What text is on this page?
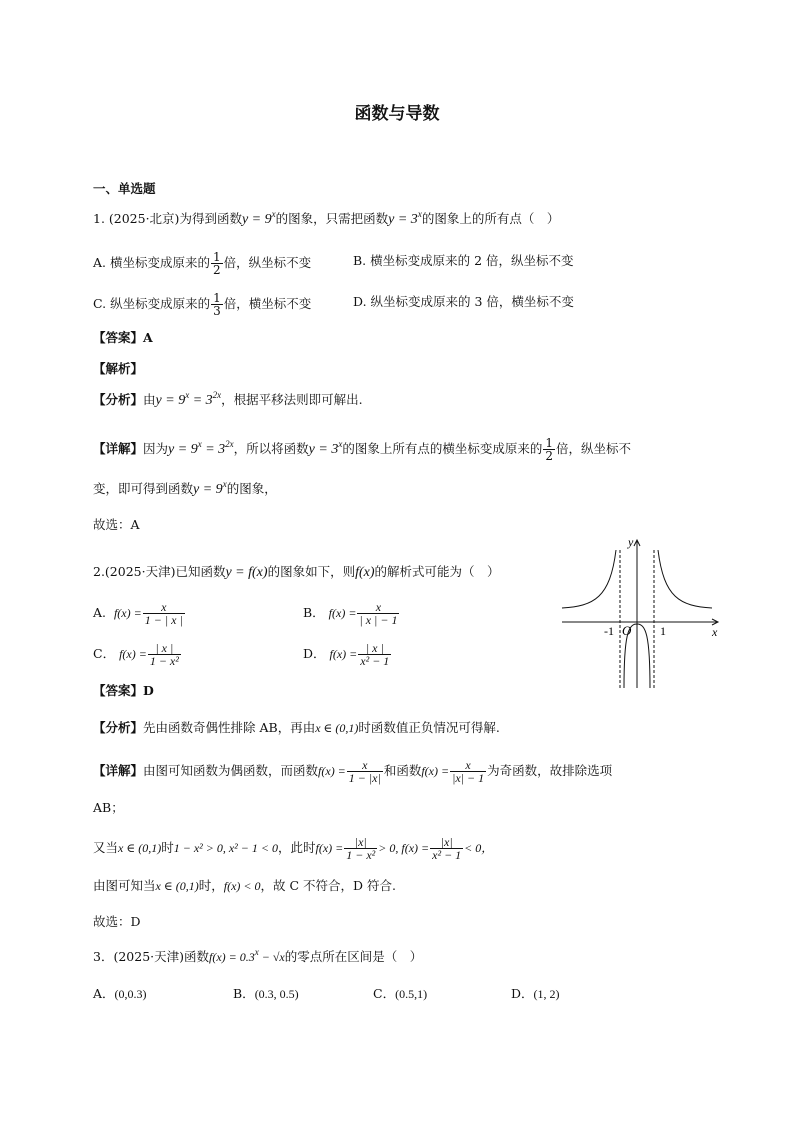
函数与导数
一、单选题
1. (2025·北京)为得到函数$y = 9^x$的图象，只需把函数$y = 3^x$的图象上的所有点（　）
A. 横坐标变成原来的 $\frac{1}{2}$ 倍，纵坐标不变	B. 横坐标变成原来的 2 倍，纵坐标不变
C. 纵坐标变成原来的 $\frac{1}{3}$ 倍，横坐标不变	D. 纵坐标变成原来的 3 倍，横坐标不变
【答案】A
【解析】
【分析】由$y = 9^x = 3^{2x}$，根据平移法则即可解出.
【详解】因为$y = 9^x = 3^{2x}$，所以将函数$y = 3^x$的图象上所有点的横坐标变成原来的 $\frac{1}{2}$ 倍，纵坐标不
变，即可得到函数$y = 9^x$的图象，
故选：A
2.(2025·天津)已知函数y = f(x)的图象如下，则f(x)的解析式可能为（　）
A. $f(x) = \frac{x}{1 - | x |}$	B． $f(x) = \frac{x}{| x | - 1}$
C． $f(x) = \frac{| x |}{\text{1 − x²}}$	D． $f(x) = \frac{| x |}{\text{x² − 1}}$
y
x
O
-1	1
【答案】D
【分析】先由函数奇偶性排除 AB，再由x ∈ (0,1)时函数值正负情况可得解.
【详解】由图可知函数为偶函数，而函数$f(x) = \frac{x}{1 - |x|}$ 和函数$f(x) = \frac{x}{|x| - 1}$ 为奇函数，故排除选项
AB；
又当x ∈ (0,1)时1 − x² > 0, x² − 1 < 0，此时$f(x) = \frac{|x|}{\text{1 − x²}} > 0$, $f(x) = \frac{|x|}{\text{x² − 1}} < 0$，
由图可知当x ∈ (0,1)时，f(x) < 0，故 C 不符合，D 符合.
故选：D
3．(2025·天津)函数$f(x) = 0.3^x - √x$的零点所在区间是（　）
A．(0,0.3)	B．(0.3, 0.5)	C．(0.5,1)	D．(1, 2)
